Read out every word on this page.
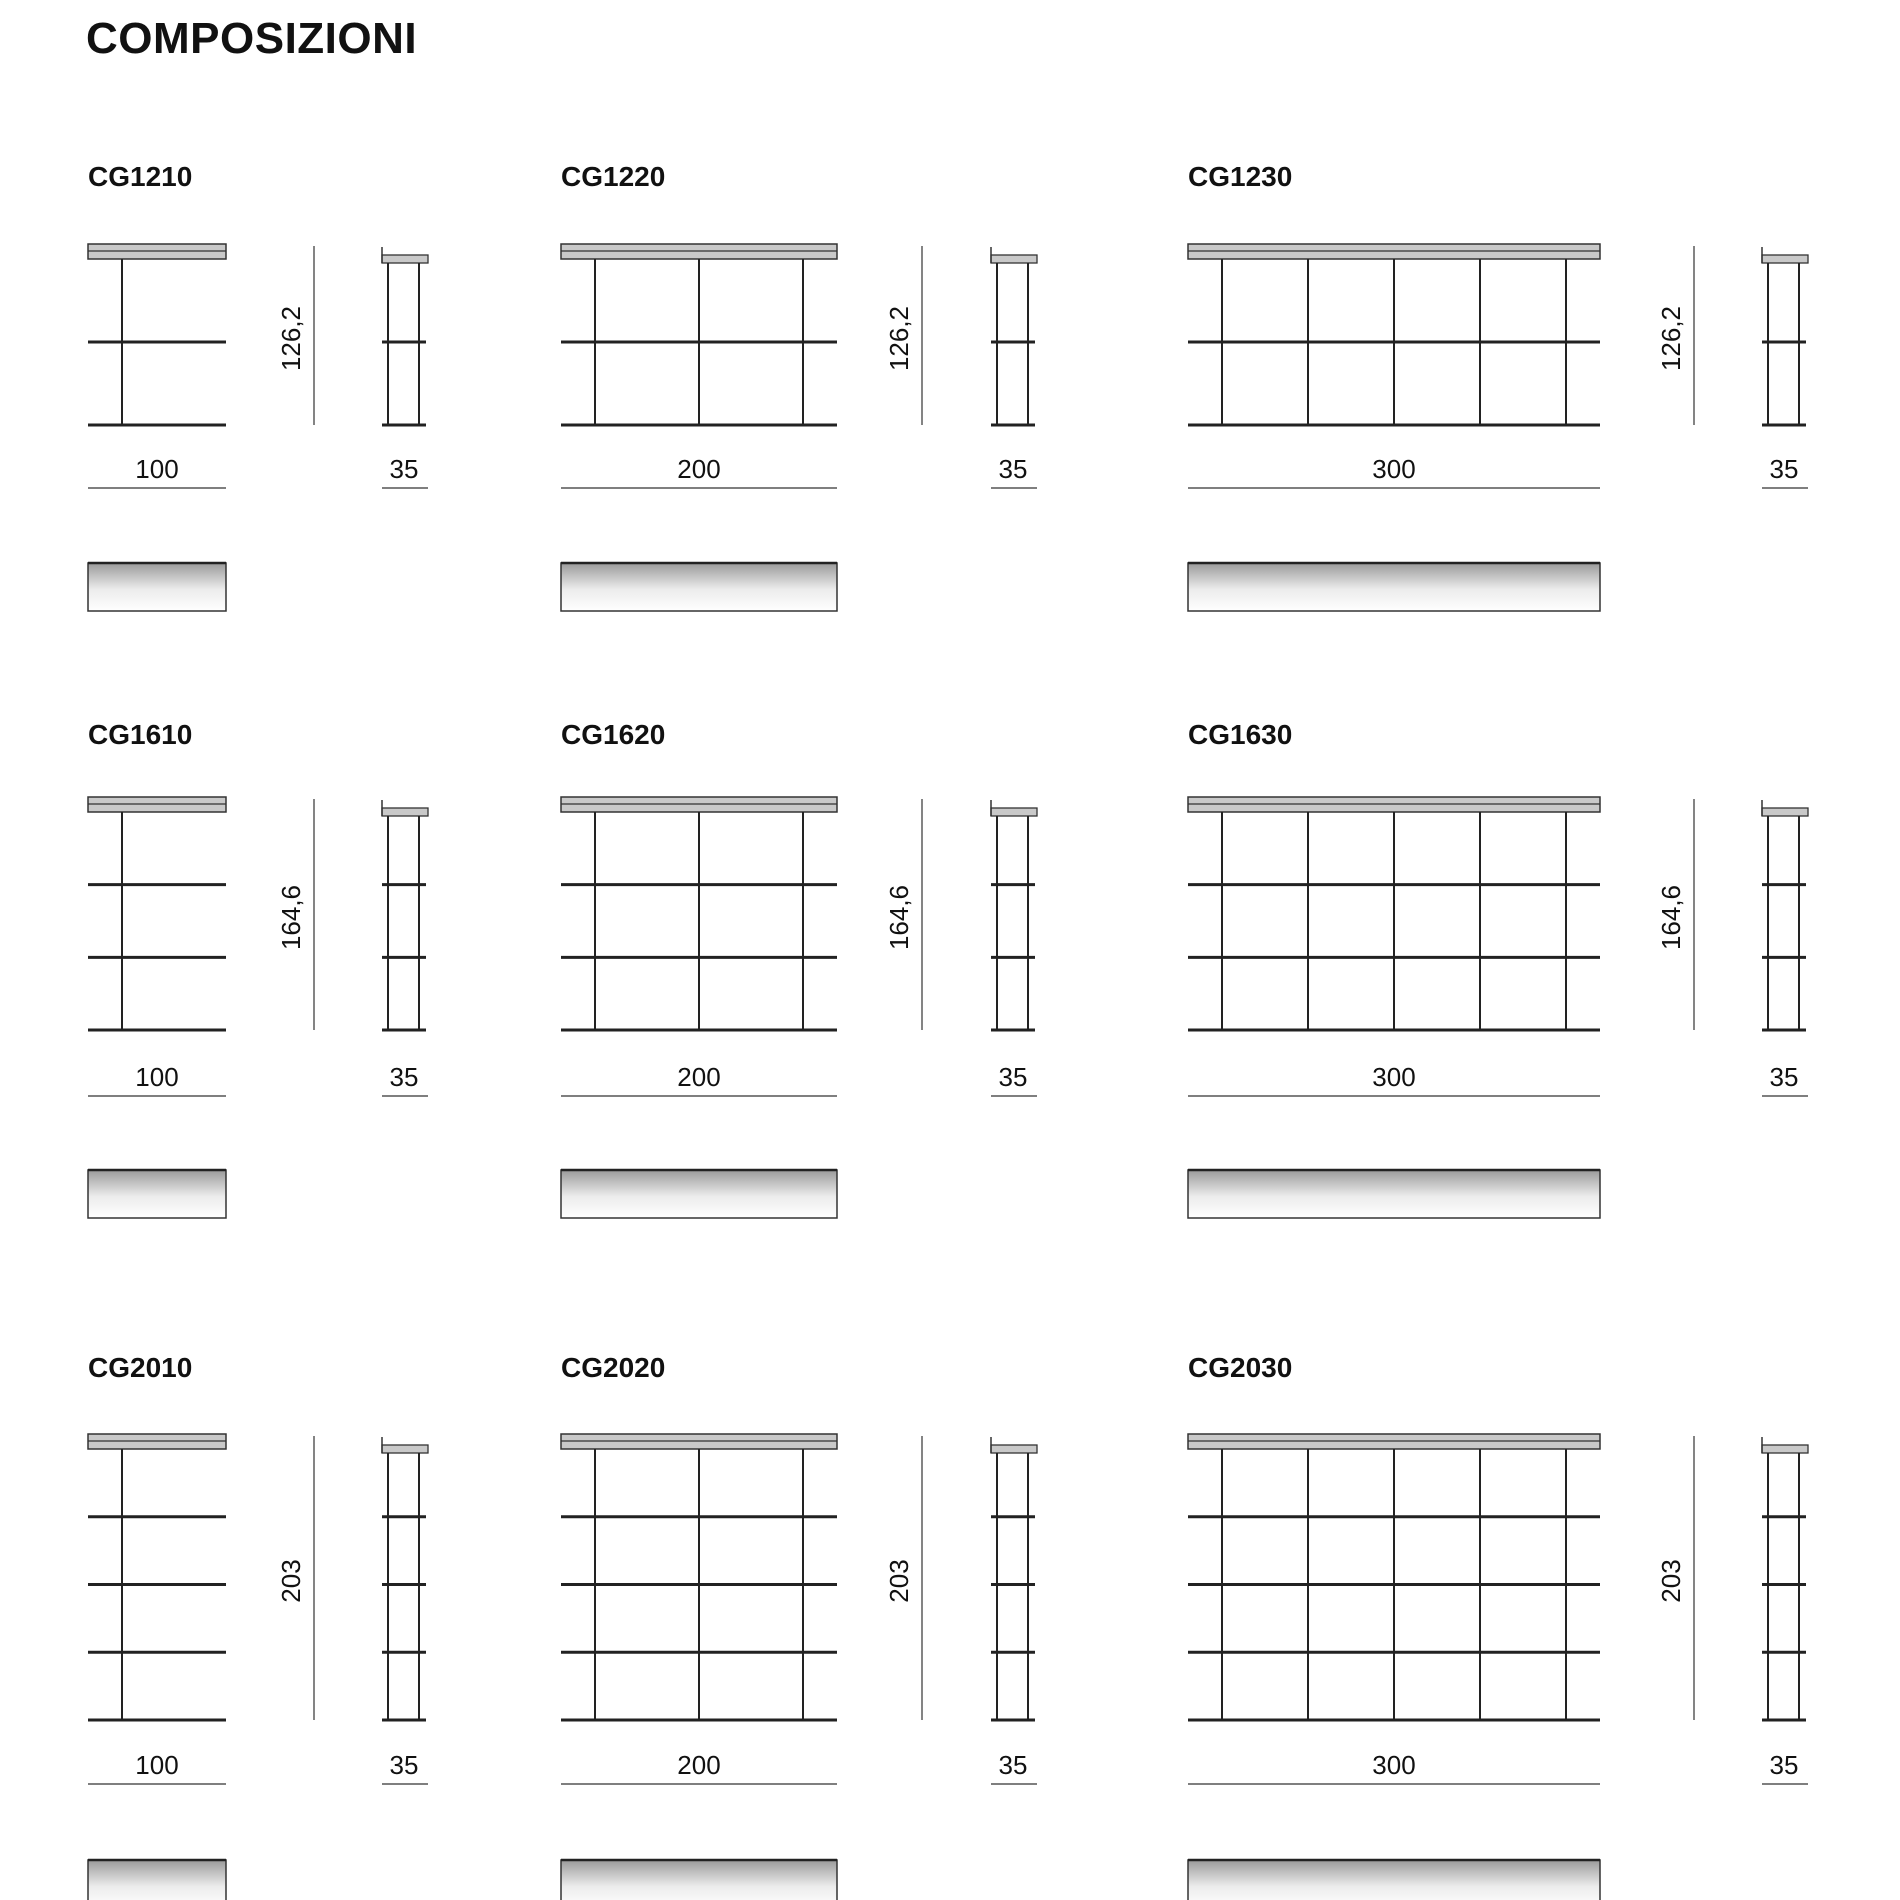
COMPOSIZIONI
CG1210
100
126,2
35
CG1220
200
126,2
35
CG1230
300
126,2
35
CG1610
100
164,6
35
CG1620
200
164,6
35
CG1630
300
164,6
35
CG2010
100
203
35
CG2020
200
203
35
CG2030
300
203
35
